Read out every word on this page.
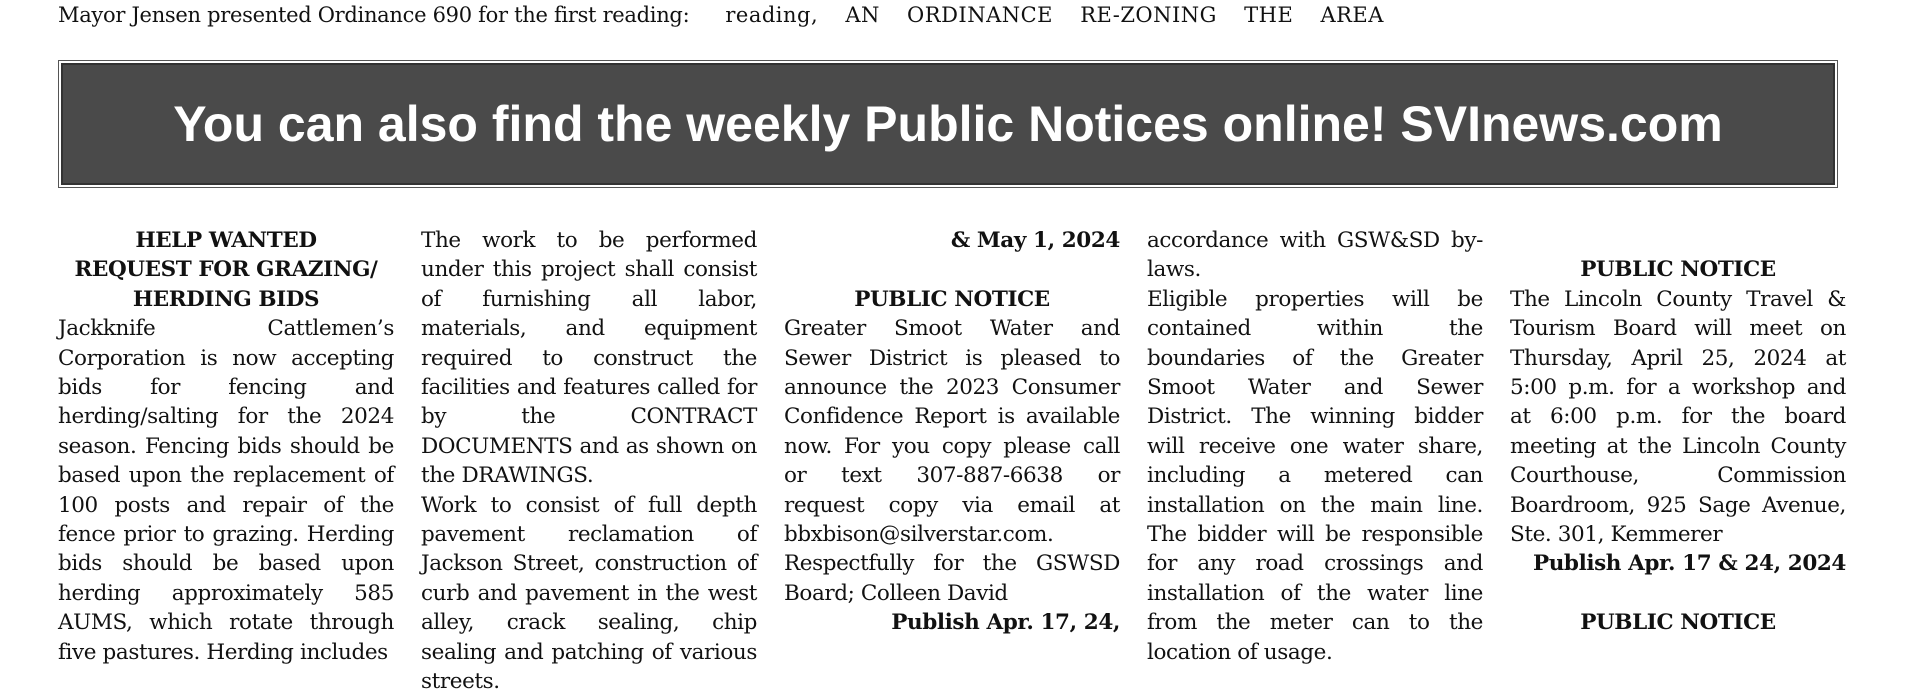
Mayor Jensen presented Ordinance 690 for the first reading: reading, AN ORDINANCE RE-ZONING THE AREA
You can also find the weekly Public Notices online! SVInews.com

HELP WANTED

REQUEST FOR GRAZING/

HERDING BIDS

Jackknife Cattlemen’s Corporation is now accepting bids for fencing and herding/salting for the 2024 season. Fencing bids should be based upon the replacement of 100 posts and repair of the fence prior to grazing. Herding bids should be based upon herding approximately 585 AUMS, which rotate through five pastures. Herding includes

The work to be performed under this project shall consist of furnishing all labor, materials, and equipment required to construct the facilities and features called for by the CONTRACT DOCUMENTS and as shown on the DRAWINGS.

Work to consist of full depth pavement reclamation of Jackson Street, construction of curb and pavement in the west alley, crack sealing, chip sealing and patching of various streets.

& May 1, 2024

PUBLIC NOTICE

Greater Smoot Water and Sewer District is pleased to announce the 2023 Consumer Confidence Report is available now. For you copy please call or text 307-887-6638 or request copy via email at bbxbison@silverstar.com.

Respectfully for the GSWSD Board; Colleen David

Publish Apr. 17, 24,

accordance with GSW&SD by-laws.

Eligible properties will be contained within the boundaries of the Greater Smoot Water and Sewer District. The winning bidder will receive one water share, including a metered can installation on the main line. The bidder will be responsible for any road crossings and installation of the water line from the meter can to the location of usage.

PUBLIC NOTICE

The Lincoln County Travel & Tourism Board will meet on Thursday, April 25, 2024 at 5:00 p.m. for a workshop and at 6:00 p.m. for the board meeting at the Lincoln County Courthouse, Commission Boardroom, 925 Sage Avenue, Ste. 301, Kemmerer

Publish Apr. 17 & 24, 2024

PUBLIC NOTICE
